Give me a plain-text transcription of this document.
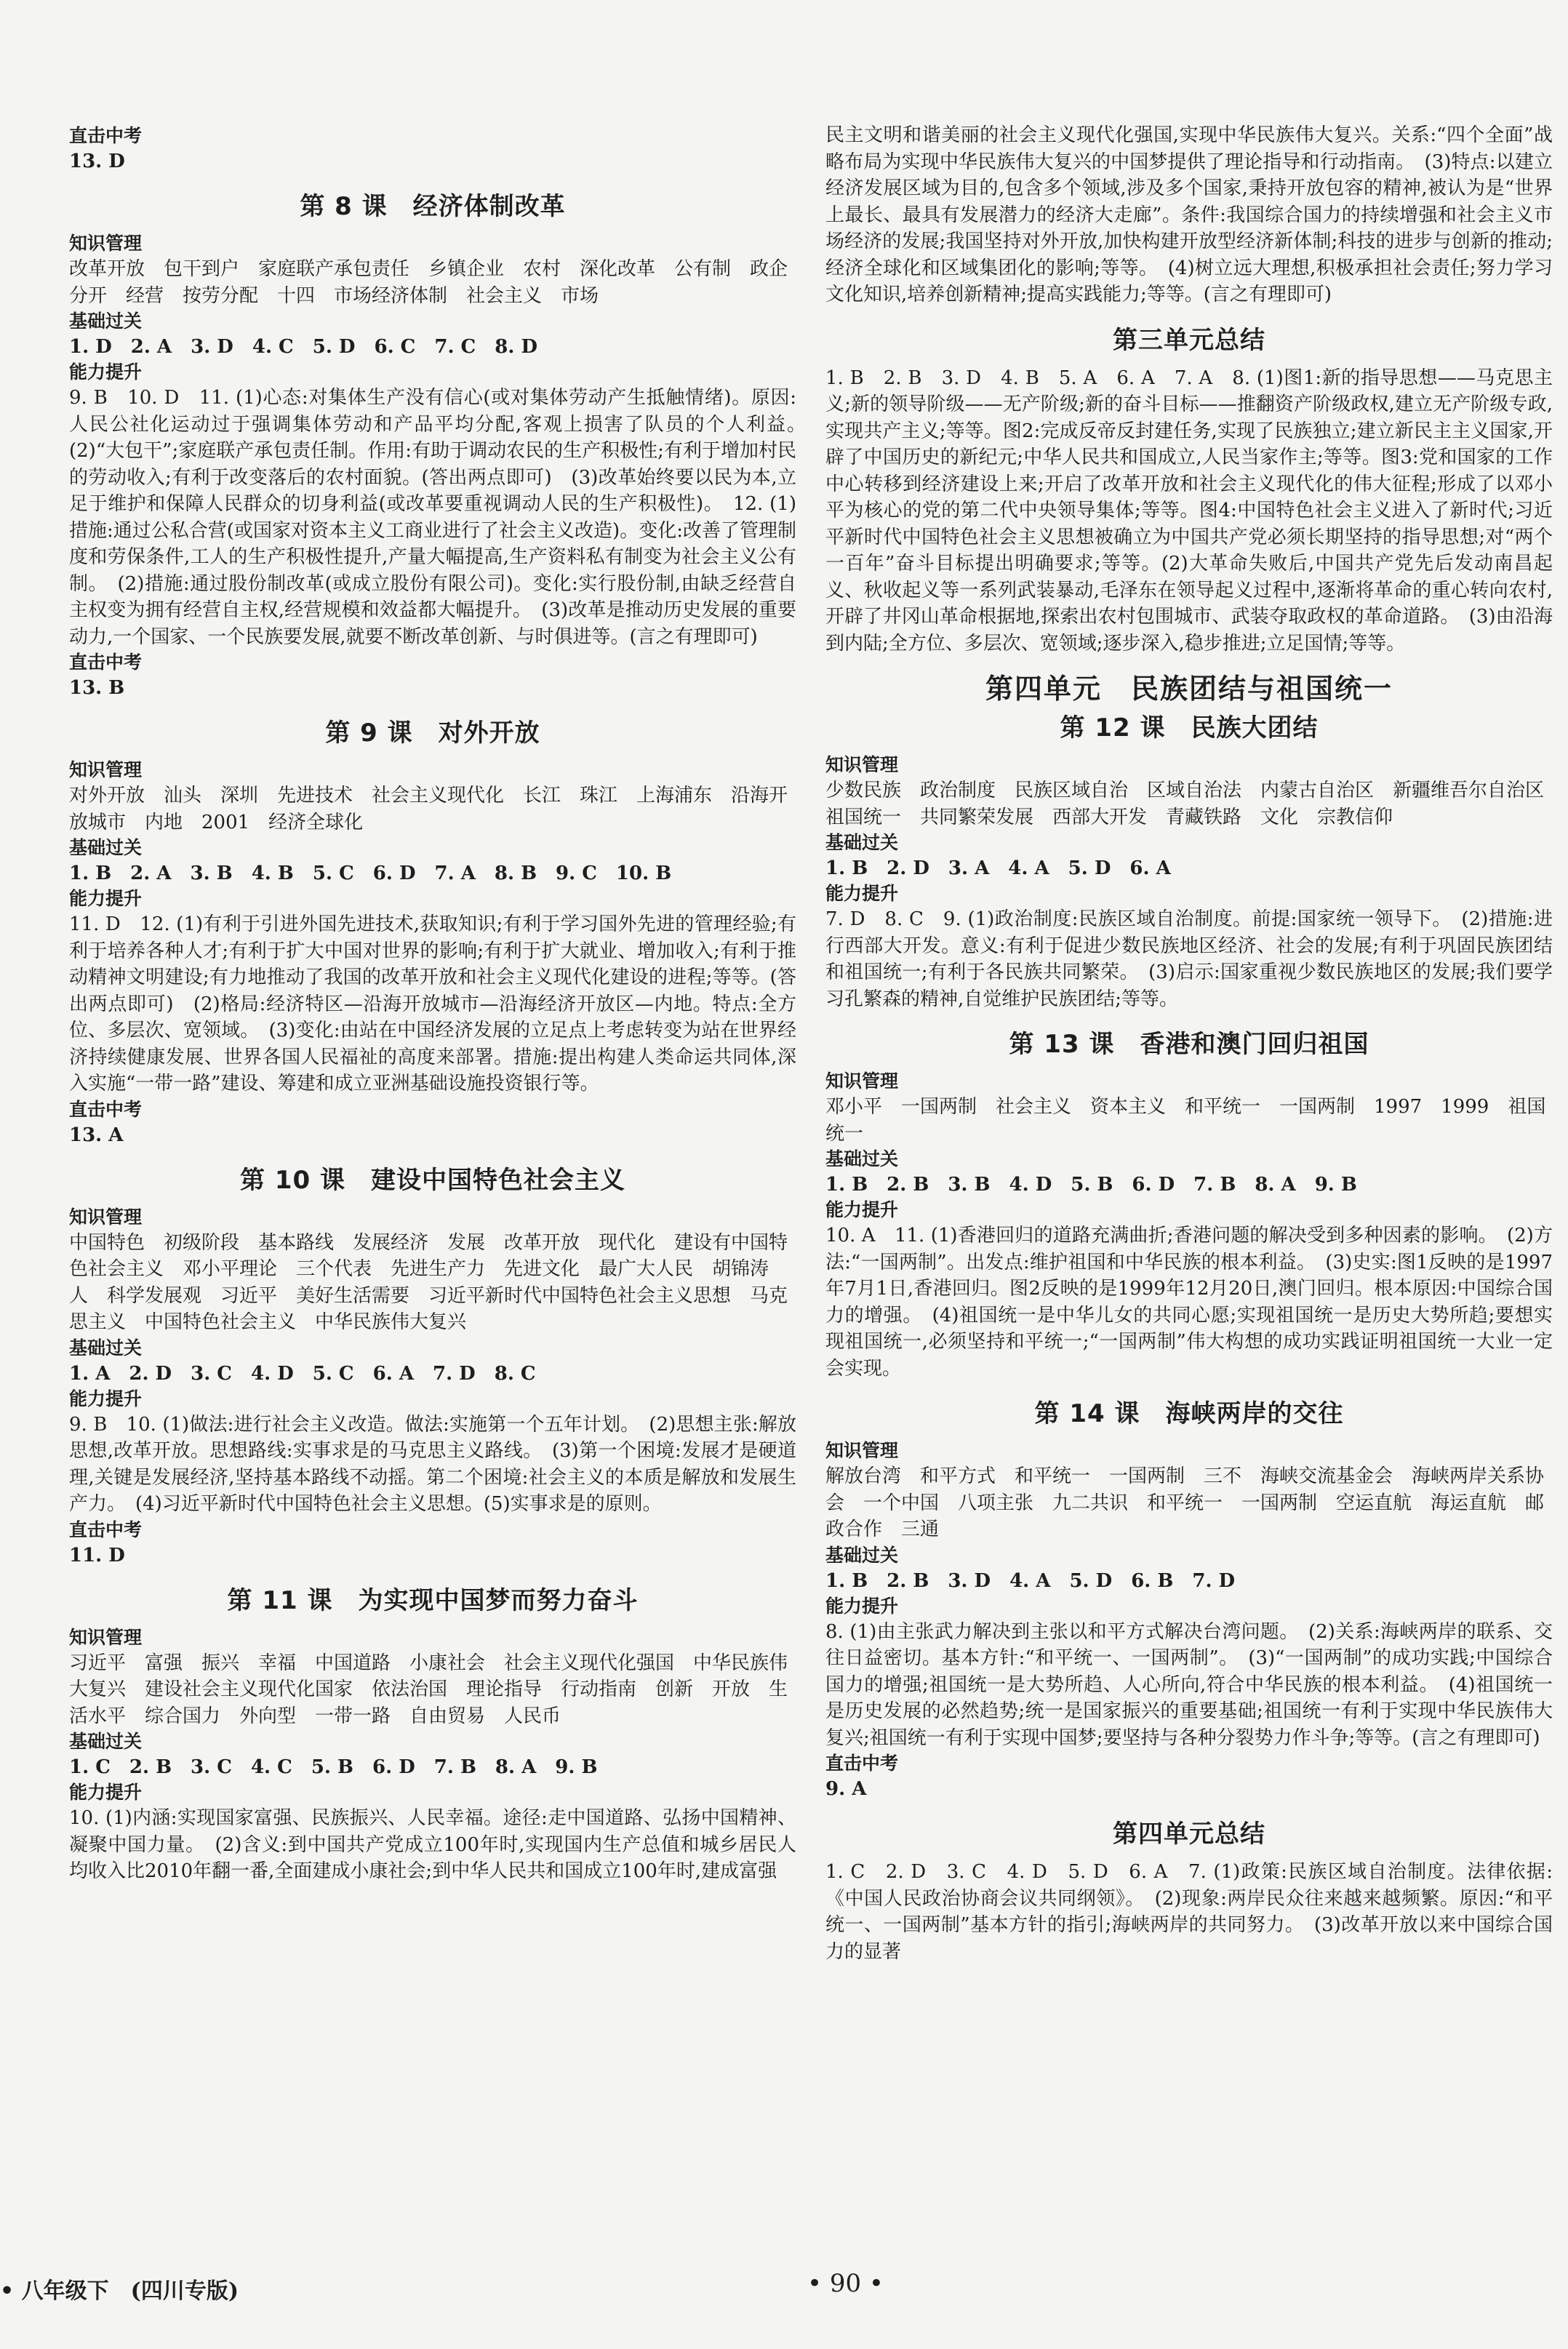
直击中考

13. D

第 8 课　经济体制改革

知识管理

改革开放　包干到户　家庭联产承包责任　乡镇企业　农村　深化改革　公有制　政企分开　经营　按劳分配　十四　市场经济体制　社会主义　市场

基础过关

1. D　2. A　3. D　4. C　5. D　6. C　7. C　8. D

能力提升

9. B　10. D　11. (1)心态:对集体生产没有信心(或对集体劳动产生抵触情绪)。原因:人民公社化运动过于强调集体劳动和产品平均分配,客观上损害了队员的个人利益。　(2)“大包干”;家庭联产承包责任制。作用:有助于调动农民的生产积极性;有利于增加村民的劳动收入;有利于改变落后的农村面貌。(答出两点即可)　(3)改革始终要以民为本,立足于维护和保障人民群众的切身利益(或改革要重视调动人民的生产积极性)。　12. (1)措施:通过公私合营(或国家对资本主义工商业进行了社会主义改造)。变化:改善了管理制度和劳保条件,工人的生产积极性提升,产量大幅提高,生产资料私有制变为社会主义公有制。　(2)措施:通过股份制改革(或成立股份有限公司)。变化:实行股份制,由缺乏经营自主权变为拥有经营自主权,经营规模和效益都大幅提升。　(3)改革是推动历史发展的重要动力,一个国家、一个民族要发展,就要不断改革创新、与时俱进等。(言之有理即可)

直击中考

13. B

第 9 课　对外开放

知识管理

对外开放　汕头　深圳　先进技术　社会主义现代化　长江　珠江　上海浦东　沿海开放城市　内地　2001　经济全球化

基础过关

1. B　2. A　3. B　4. B　5. C　6. D　7. A　8. B　9. C　10. B

能力提升

11. D　12. (1)有利于引进外国先进技术,获取知识;有利于学习国外先进的管理经验;有利于培养各种人才;有利于扩大中国对世界的影响;有利于扩大就业、增加收入;有利于推动精神文明建设;有力地推动了我国的改革开放和社会主义现代化建设的进程;等等。(答出两点即可)　(2)格局:经济特区—沿海开放城市—沿海经济开放区—内地。特点:全方位、多层次、宽领域。　(3)变化:由站在中国经济发展的立足点上考虑转变为站在世界经济持续健康发展、世界各国人民福祉的高度来部署。措施:提出构建人类命运共同体,深入实施“一带一路”建设、筹建和成立亚洲基础设施投资银行等。

直击中考

13. A

第 10 课　建设中国特色社会主义

知识管理

中国特色　初级阶段　基本路线　发展经济　发展　改革开放　现代化　建设有中国特色社会主义　邓小平理论　三个代表　先进生产力　先进文化　最广大人民　胡锦涛　人　科学发展观　习近平　美好生活需要　习近平新时代中国特色社会主义思想　马克思主义　中国特色社会主义　中华民族伟大复兴

基础过关

1. A　2. D　3. C　4. D　5. C　6. A　7. D　8. C

能力提升

9. B　10. (1)做法:进行社会主义改造。做法:实施第一个五年计划。　(2)思想主张:解放思想,改革开放。思想路线:实事求是的马克思主义路线。　(3)第一个困境:发展才是硬道理,关键是发展经济,坚持基本路线不动摇。第二个困境:社会主义的本质是解放和发展生产力。　(4)习近平新时代中国特色社会主义思想。(5)实事求是的原则。

直击中考

11. D

第 11 课　为实现中国梦而努力奋斗

知识管理

习近平　富强　振兴　幸福　中国道路　小康社会　社会主义现代化强国　中华民族伟大复兴　建设社会主义现代化国家　依法治国　理论指导　行动指南　创新　开放　生活水平　综合国力　外向型　一带一路　自由贸易　人民币

基础过关

1. C　2. B　3. C　4. C　5. B　6. D　7. B　8. A　9. B

能力提升

10. (1)内涵:实现国家富强、民族振兴、人民幸福。途径:走中国道路、弘扬中国精神、凝聚中国力量。　(2)含义:到中国共产党成立100年时,实现国内生产总值和城乡居民人均收入比2010年翻一番,全面建成小康社会;到中华人民共和国成立100年时,建成富强

民主文明和谐美丽的社会主义现代化强国,实现中华民族伟大复兴。关系:“四个全面”战略布局为实现中华民族伟大复兴的中国梦提供了理论指导和行动指南。　(3)特点:以建立经济发展区域为目的,包含多个领域,涉及多个国家,秉持开放包容的精神,被认为是“世界上最长、最具有发展潜力的经济大走廊”。条件:我国综合国力的持续增强和社会主义市场经济的发展;我国坚持对外开放,加快构建开放型经济新体制;科技的进步与创新的推动;经济全球化和区域集团化的影响;等等。　(4)树立远大理想,积极承担社会责任;努力学习文化知识,培养创新精神;提高实践能力;等等。(言之有理即可)

第三单元总结

1. B　2. B　3. D　4. B　5. A　6. A　7. A　8. (1)图1:新的指导思想——马克思主义;新的领导阶级——无产阶级;新的奋斗目标——推翻资产阶级政权,建立无产阶级专政,实现共产主义;等等。图2:完成反帝反封建任务,实现了民族独立;建立新民主主义国家,开辟了中国历史的新纪元;中华人民共和国成立,人民当家作主;等等。图3:党和国家的工作中心转移到经济建设上来;开启了改革开放和社会主义现代化的伟大征程;形成了以邓小平为核心的党的第二代中央领导集体;等等。图4:中国特色社会主义进入了新时代;习近平新时代中国特色社会主义思想被确立为中国共产党必须长期坚持的指导思想;对“两个一百年”奋斗目标提出明确要求;等等。(2)大革命失败后,中国共产党先后发动南昌起义、秋收起义等一系列武装暴动,毛泽东在领导起义过程中,逐渐将革命的重心转向农村,开辟了井冈山革命根据地,探索出农村包围城市、武装夺取政权的革命道路。　(3)由沿海到内陆;全方位、多层次、宽领域;逐步深入,稳步推进;立足国情;等等。

第四单元　民族团结与祖国统一
第 12 课　民族大团结

知识管理

少数民族　政治制度　民族区域自治　区域自治法　内蒙古自治区　新疆维吾尔自治区　祖国统一　共同繁荣发展　西部大开发　青藏铁路　文化　宗教信仰

基础过关

1. B　2. D　3. A　4. A　5. D　6. A

能力提升

7. D　8. C　9. (1)政治制度:民族区域自治制度。前提:国家统一领导下。　(2)措施:进行西部大开发。意义:有利于促进少数民族地区经济、社会的发展;有利于巩固民族团结和祖国统一;有利于各民族共同繁荣。　(3)启示:国家重视少数民族地区的发展;我们要学习孔繁森的精神,自觉维护民族团结;等等。

第 13 课　香港和澳门回归祖国

知识管理

邓小平　一国两制　社会主义　资本主义　和平统一　一国两制　1997　1999　祖国统一

基础过关

1. B　2. B　3. B　4. D　5. B　6. D　7. B　8. A　9. B

能力提升

10. A　11. (1)香港回归的道路充满曲折;香港问题的解决受到多种因素的影响。　(2)方法:“一国两制”。出发点:维护祖国和中华民族的根本利益。　(3)史实:图1反映的是1997年7月1日,香港回归。图2反映的是1999年12月20日,澳门回归。根本原因:中国综合国力的增强。　(4)祖国统一是中华儿女的共同心愿;实现祖国统一是历史大势所趋;要想实现祖国统一,必须坚持和平统一;“一国两制”伟大构想的成功实践证明祖国统一大业一定会实现。

第 14 课　海峡两岸的交往

知识管理

解放台湾　和平方式　和平统一　一国两制　三不　海峡交流基金会　海峡两岸关系协会　一个中国　八项主张　九二共识　和平统一　一国两制　空运直航　海运直航　邮政合作　三通

基础过关

1. B　2. B　3. D　4. A　5. D　6. B　7. D

能力提升

8. (1)由主张武力解决到主张以和平方式解决台湾问题。　(2)关系:海峡两岸的联系、交往日益密切。基本方针:“和平统一、一国两制”。　(3)“一国两制”的成功实践;中国综合国力的增强;祖国统一是大势所趋、人心所向,符合中华民族的根本利益。　(4)祖国统一是历史发展的必然趋势;统一是国家振兴的重要基础;祖国统一有利于实现中华民族伟大复兴;祖国统一有利于实现中国梦;要坚持与各种分裂势力作斗争;等等。(言之有理即可)

直击中考

9. A

第四单元总结

1. C　2. D　3. C　4. D　5. D　6. A　7. (1)政策:民族区域自治制度。法律依据:《中国人民政治协商会议共同纲领》。　(2)现象:两岸民众往来越来越频繁。原因:“和平统一、一国两制”基本方针的指引;海峡两岸的共同努力。　(3)改革开放以来中国综合国力的显著

• 八年级下　(四川专版)	• 90 •
